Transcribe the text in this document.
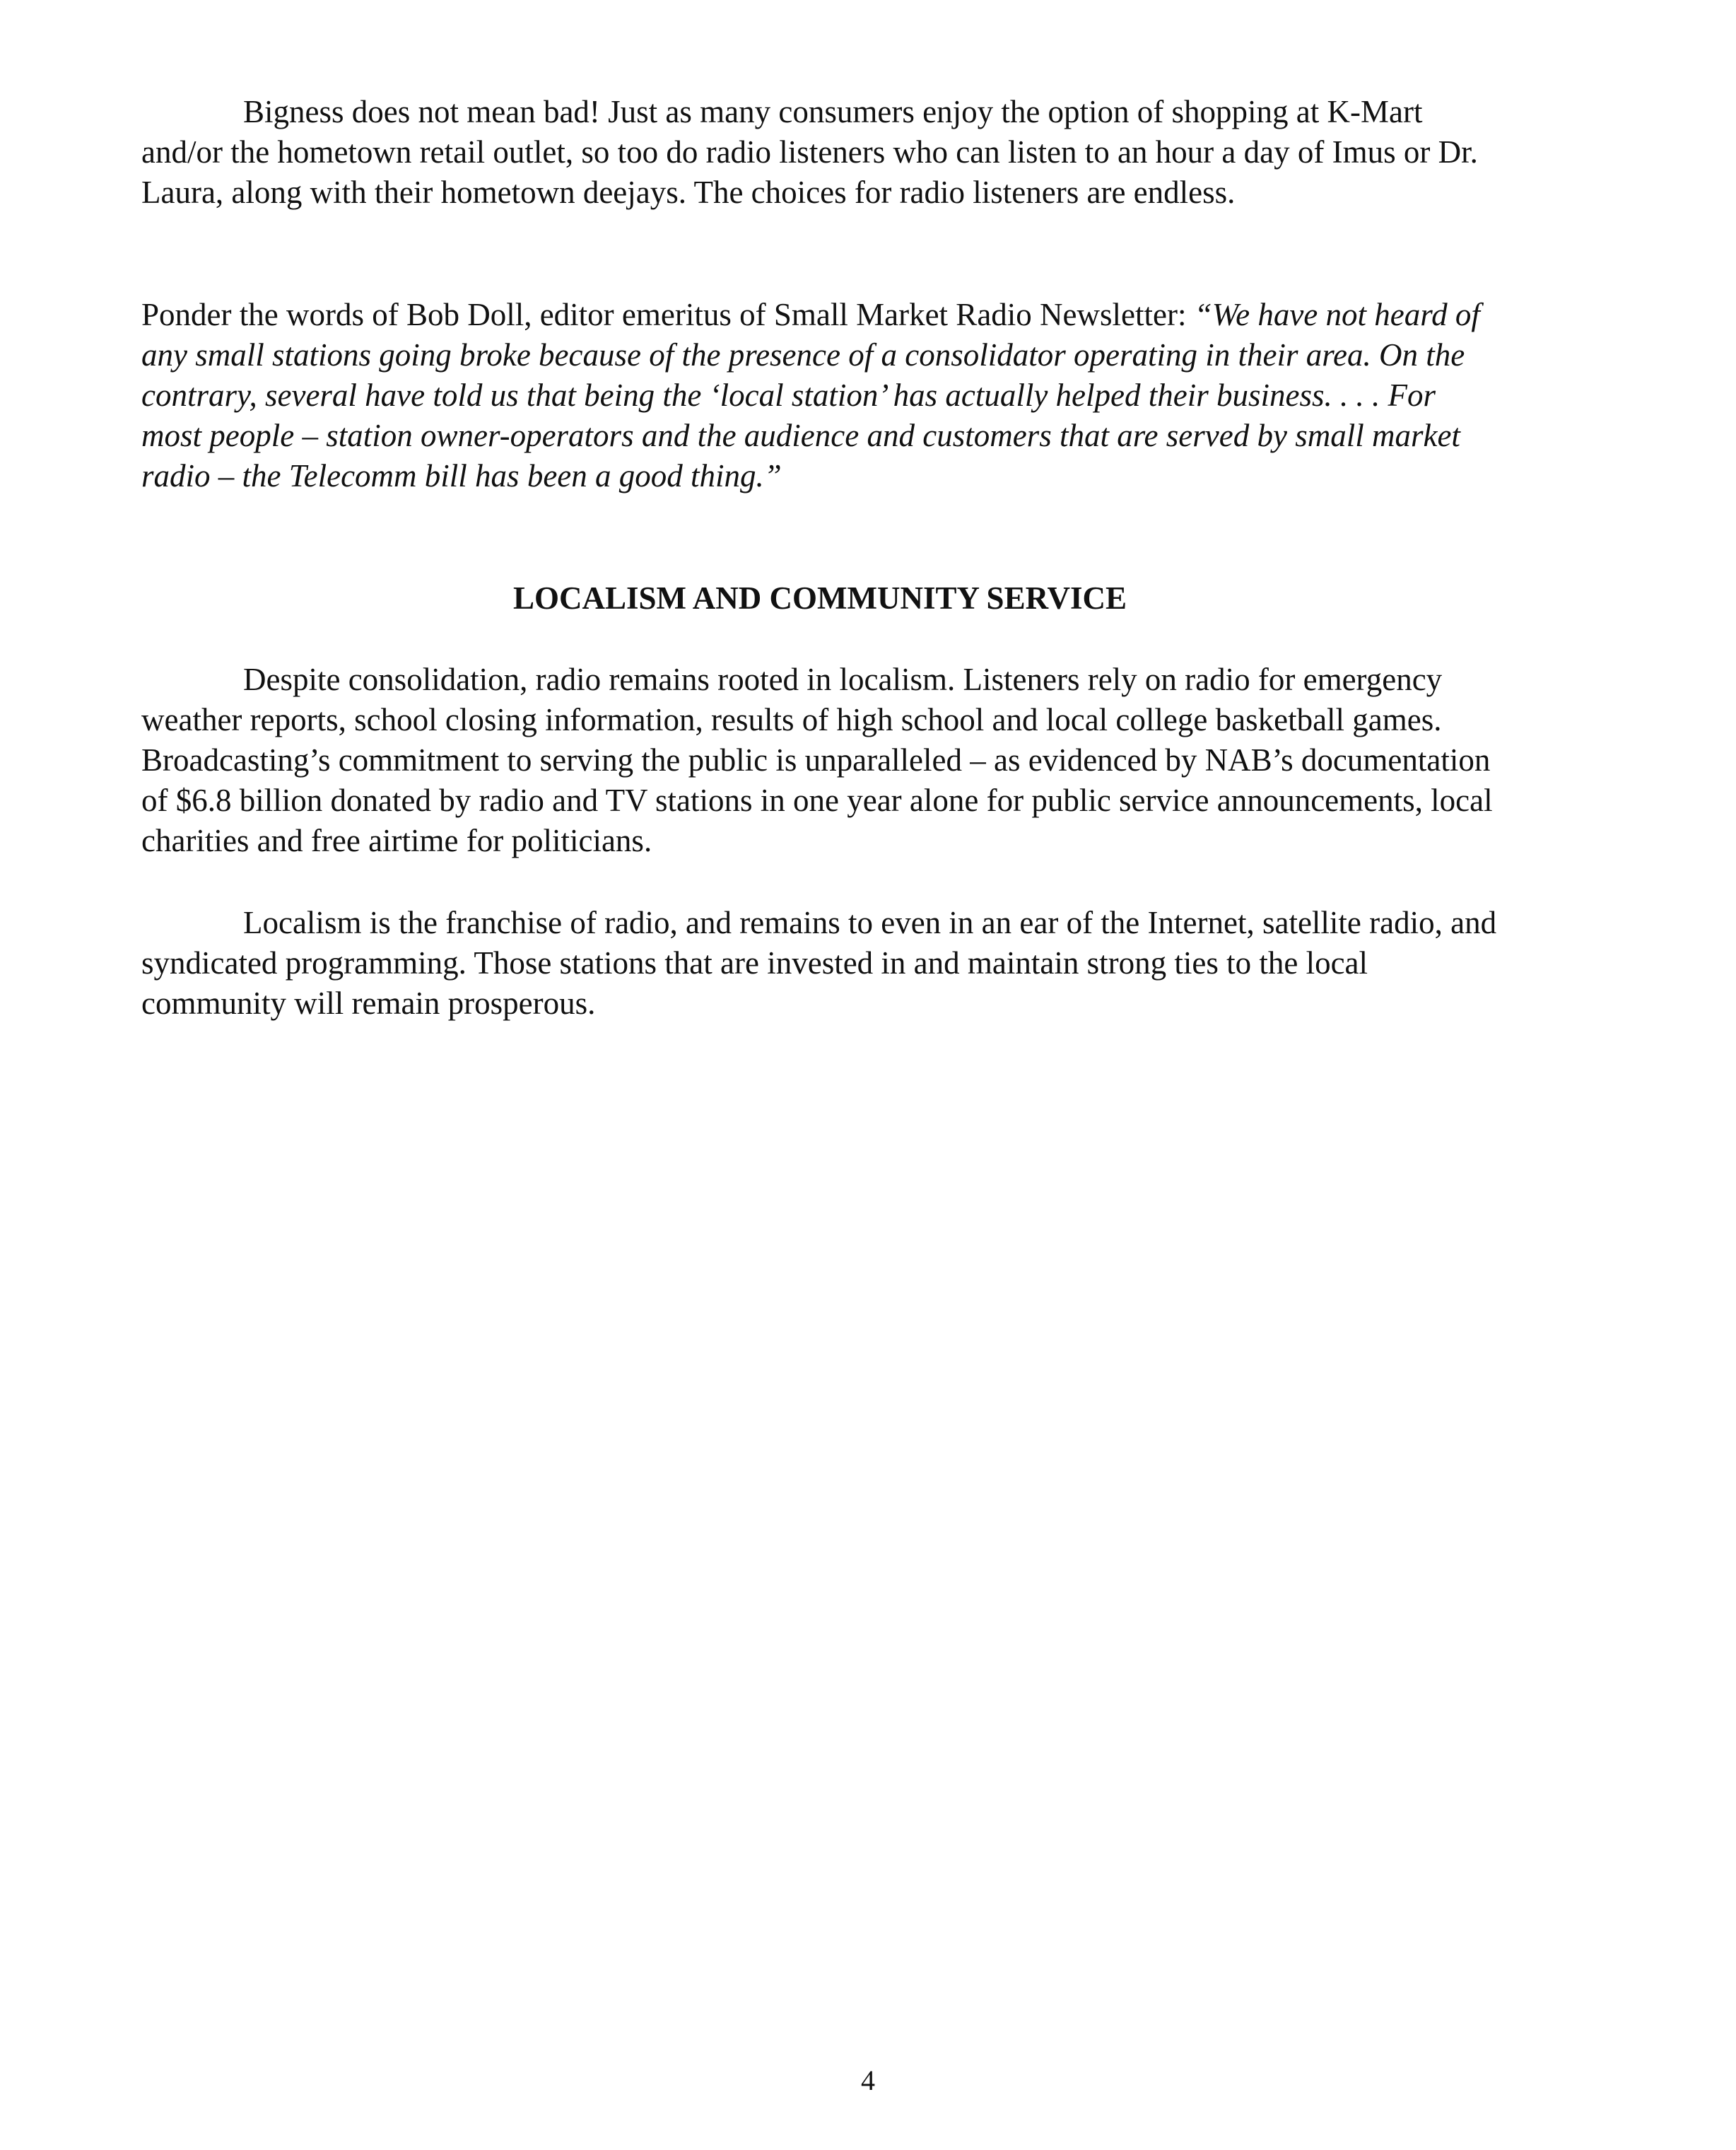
Bigness does not mean bad! Just as many consumers enjoy the option of shopping at K-Mart and/or the hometown retail outlet, so too do radio listeners who can listen to an hour a day of Imus or Dr. Laura, along with their hometown deejays. The choices for radio listeners are endless.

Ponder the words of Bob Doll, editor emeritus of Small Market Radio Newsletter: “We have not heard of any small stations going broke because of the presence of a consolidator operating in their area. On the contrary, several have told us that being the ‘local station’ has actually helped their business. . . . For most people – station owner-operators and the audience and customers that are served by small market radio – the Telecomm bill has been a good thing.”

LOCALISM AND COMMUNITY SERVICE

Despite consolidation, radio remains rooted in localism. Listeners rely on radio for emergency weather reports, school closing information, results of high school and local college basketball games. Broadcasting’s commitment to serving the public is unparalleled – as evidenced by NAB’s documentation of $6.8 billion donated by radio and TV stations in one year alone for public service announcements, local charities and free airtime for politicians.

Localism is the franchise of radio, and remains to even in an ear of the Internet, satellite radio, and syndicated programming. Those stations that are invested in and maintain strong ties to the local community will remain prosperous.

4
